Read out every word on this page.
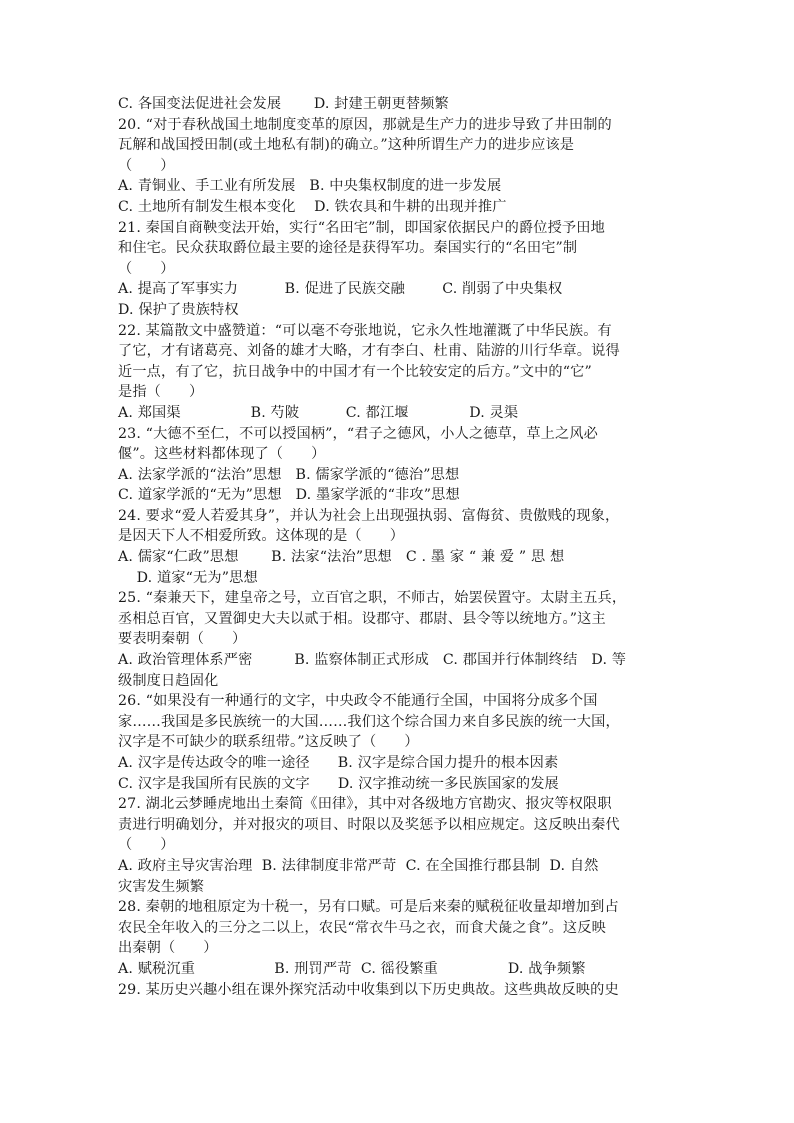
C. 各国变法促进社会发展       D. 封建王朝更替频繁
20. “对于春秋战国土地制度变革的原因，那就是生产力的进步导致了井田制的
瓦解和战国授田制(或土地私有制)的确立。”这种所谓生产力的进步应该是
（      ）
A. 青铜业、手工业有所发展   B. 中央集权制度的进一步发展
C. 土地所有制发生根本变化    D. 铁农具和牛耕的出现并推广
21. 秦国自商鞅变法开始，实行“名田宅”制，即国家依据民户的爵位授予田地
和住宅。民众获取爵位最主要的途径是获得军功。秦国实行的“名田宅”制
（      ）
A. 提高了军事实力          B. 促进了民族交融        C. 削弱了中央集权
D. 保护了贵族特权
22. 某篇散文中盛赞道：“可以毫不夸张地说，它永久性地灌溉了中华民族。有
了它，才有诸葛亮、刘备的雄才大略，才有李白、杜甫、陆游的川行华章。说得
近一点，有了它，抗日战争中的中国才有一个比较安定的后方。”文中的“它”
是指（      ）
A. 郑国渠               B. 芍陂          C. 都江堰             D. 灵渠
23. “大德不至仁，不可以授国柄”，“君子之德风，小人之德草，草上之风必
偃”。这些材料都体现了（      ）
A. 法家学派的“法治”思想   B. 儒家学派的“德治”思想
C. 道家学派的“无为”思想   D. 墨家学派的“非攻”思想
24. 要求“爱人若爱其身”，并认为社会上出现强执弱、富侮贫、贵傲贱的现象，
是因天下人不相爱所致。这体现的是（      ）
A. 儒家“仁政”思想       B. 法家“法治”思想   C . 墨 家 “ 兼 爱 ” 思 想
D. 道家“无为”思想
25. “秦兼天下，建皇帝之号，立百官之职，不师古，始罢侯置守。太尉主五兵，
丞相总百官，又置御史大夫以贰于相。设郡守、郡尉、县令等以统地方。”这主
要表明秦朝（      ）
A. 政治管理体系严密         B. 监察体制正式形成   C. 郡国并行体制终结   D. 等
级制度日趋固化
26. “如果没有一种通行的文字，中央政令不能通行全国，中国将分成多个国
家……我国是多民族统一的大国……我们这个综合国力来自多民族的统一大国，
汉字是不可缺少的联系纽带。”这反映了（      ）
A. 汉字是传达政令的唯一途径      B. 汉字是综合国力提升的根本因素
C. 汉字是我国所有民族的文字      D. 汉字推动统一多民族国家的发展
27. 湖北云梦睡虎地出土秦简《田律》，其中对各级地方官勘灾、报灾等权限职
责进行明确划分，并对报灾的项目、时限以及奖惩予以相应规定。这反映出秦代
（      ）
A. 政府主导灾害治理  B. 法律制度非常严苛  C. 在全国推行郡县制  D. 自然
灾害发生频繁
28. 秦朝的地租原定为十税一，另有口赋。可是后来秦的赋税征收量却增加到占
农民全年收入的三分之二以上，农民“常衣牛马之衣，而食犬彘之食”。这反映
出秦朝（      ）
A. 赋税沉重                 B. 刑罚严苛  C. 徭役繁重               D. 战争频繁
29. 某历史兴趣小组在课外探究活动中收集到以下历史典故。这些典故反映的史
